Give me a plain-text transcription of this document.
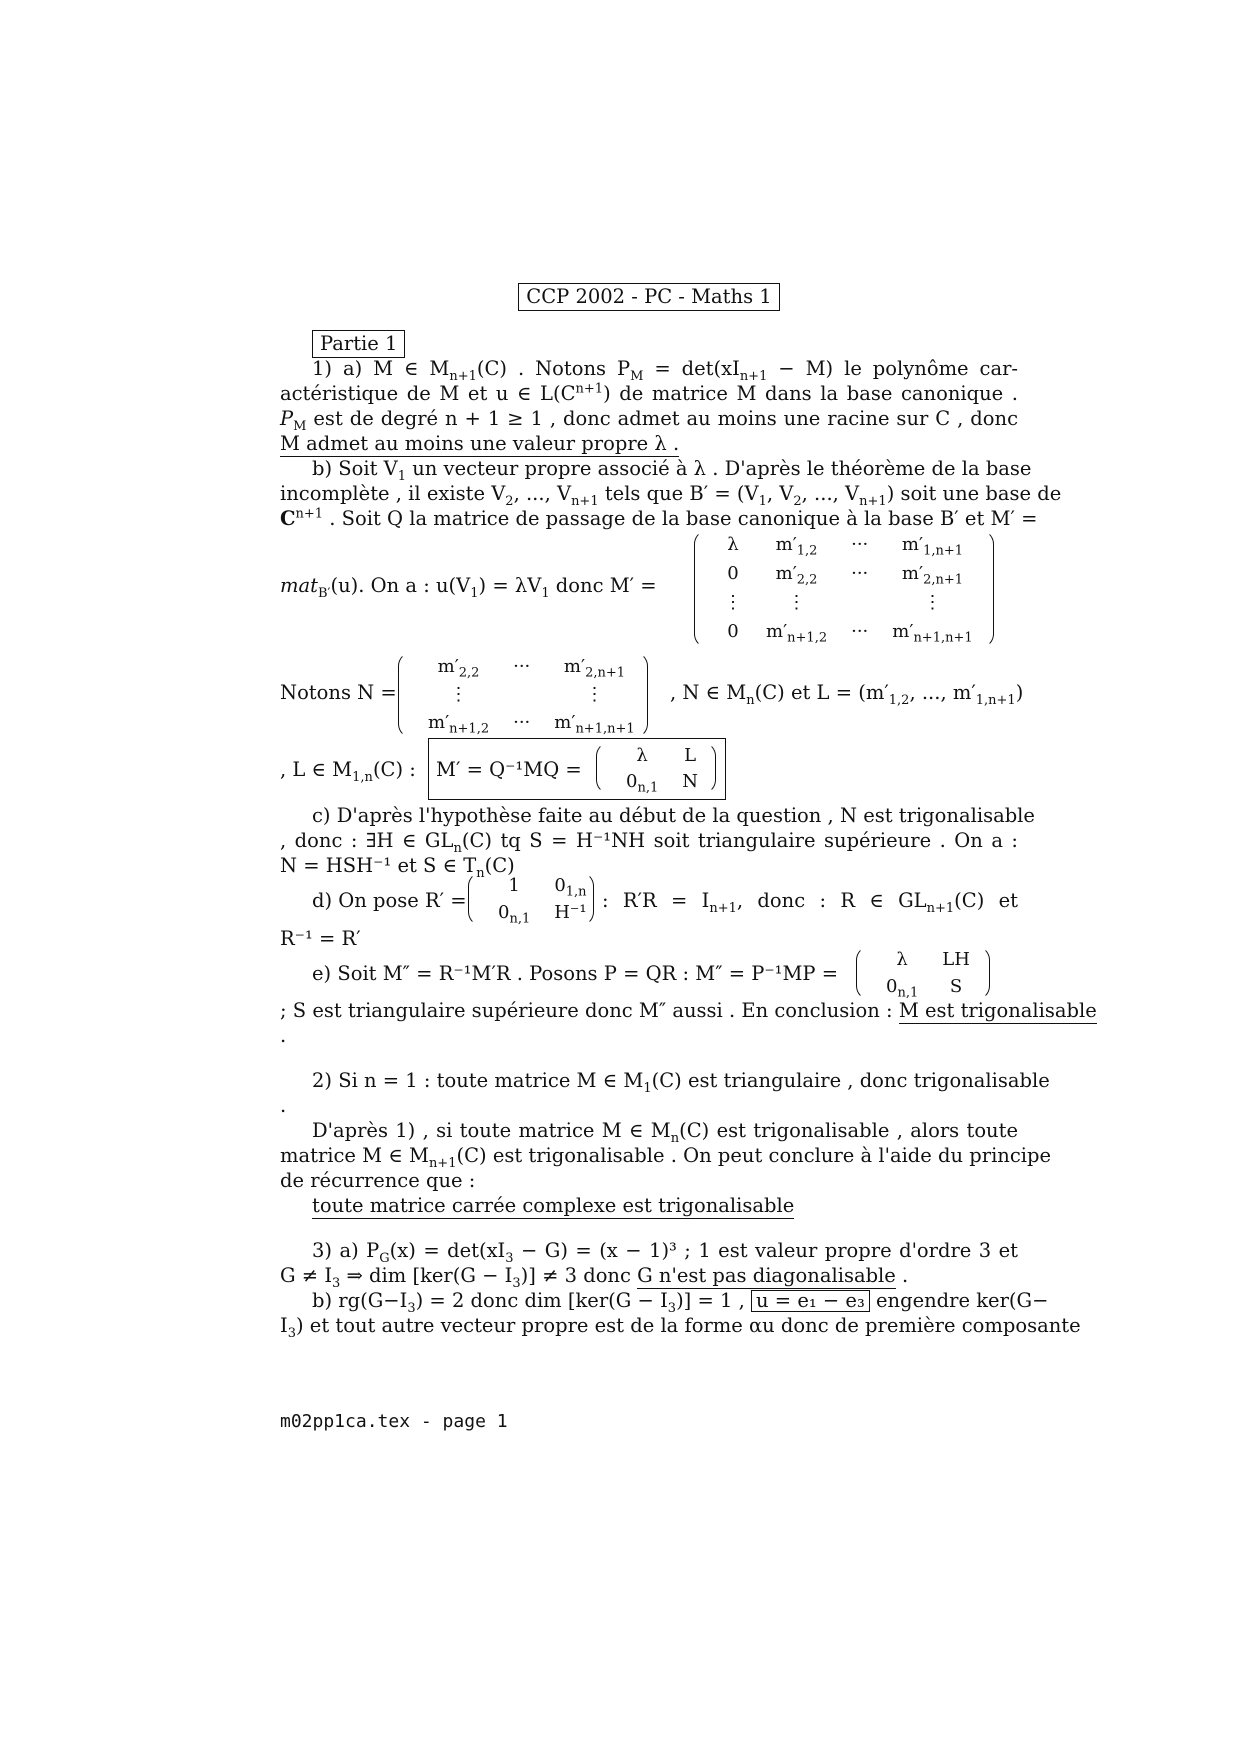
CCP 2002 - PC - Maths 1
Partie 1
1) a) M ∈ $M_{n+1}(C)$ . Notons $P_M = \det(xI_{n+1} - M)$ le polynôme car-
actéristique de M et u ∈ $L(C^{n+1})$ de matrice M dans la base canonique .
$P_M$ est de degré n + 1 ≥ 1 , donc admet au moins une racine sur C , donc
M admet au moins une valeur propre λ .
b) Soit $V_1$ un vecteur propre associé à λ . D'après le théorème de la base
incomplète , il existe $V_2$, ..., $V_{n+1}$ tels que $B' = (V_1$, $V_2$, ..., $V_{n+1}$) soit une base de
$C^{n+1}$ . Soit Q la matrice de passage de la base canonique à la base B′ et M′ =
mat$_{B'}$(u). On a : $u(V_1) = \lambda V_1$ donc M′ =
λ	$m'_{1,2}$	···	$m'_{1,n+1}$
0	$m'_{2,2}$	···	$m'_{2,n+1}$
⋮	⋮		⋮
0	$m'_{n+1,2}$	···	$m'_{n+1,n+1}$
Notons N =
$m'_{2,2}$	···	$m'_{2,n+1}$
⋮		⋮
$m'_{n+1,2}$	···	$m'_{n+1,n+1}$
, N ∈ $M_n(C)$ et $L = (m'_{1,2}$, ..., $m'_{1,n+1}$)
, L ∈ $M_{1,n}(C)$ :	M′ = Q⁻¹MQ =
λ	L
$0_{n,1}$	N
c) D'après l'hypothèse faite au début de la question , N est trigonalisable
, donc : ∃H ∈ $GL_n(C)$ tq S = H⁻¹NH soit triangulaire supérieure . On a :
N = HSH⁻¹ et S ∈ $T_n(C)$
d) On pose R′ =
1	$0_{1,n}$
$0_{n,1}$	H⁻¹
: $R'R = I_{n+1}$, donc : R ∈ $GL_{n+1}(C)$ et
R⁻¹ = R′
e) Soit M″ = R⁻¹M′R . Posons P = QR : M″ = P⁻¹MP =
λ	LH
$0_{n,1}$	S
; S est triangulaire supérieure donc M″ aussi . En conclusion : M est trigonalisable
.
2) Si n = 1 : toute matrice M ∈ $M_1(C)$ est triangulaire , donc trigonalisable
.
D'après 1) , si toute matrice M ∈ $M_n(C)$ est trigonalisable , alors toute
matrice M ∈ $M_{n+1}(C)$ est trigonalisable . On peut conclure à l'aide du principe
de récurrence que :
toute matrice carrée complexe est trigonalisable
3) a) $P_G(x) = \det(xI_3 - G) = (x - 1)^3$ ; 1 est valeur propre d'ordre 3 et
$G \ne I_3$ ⇒ dim $[ker(G - I_3)] \ne 3$ donc G n'est pas diagonalisable .
b) $rg(G-I_3) = 2$ donc dim $[ker(G - I_3)] = 1$ , u = e₁ − e₃ engendre ker(G−
$I_3$) et tout autre vecteur propre est de la forme αu donc de première composante
m02pp1ca.tex - page 1
